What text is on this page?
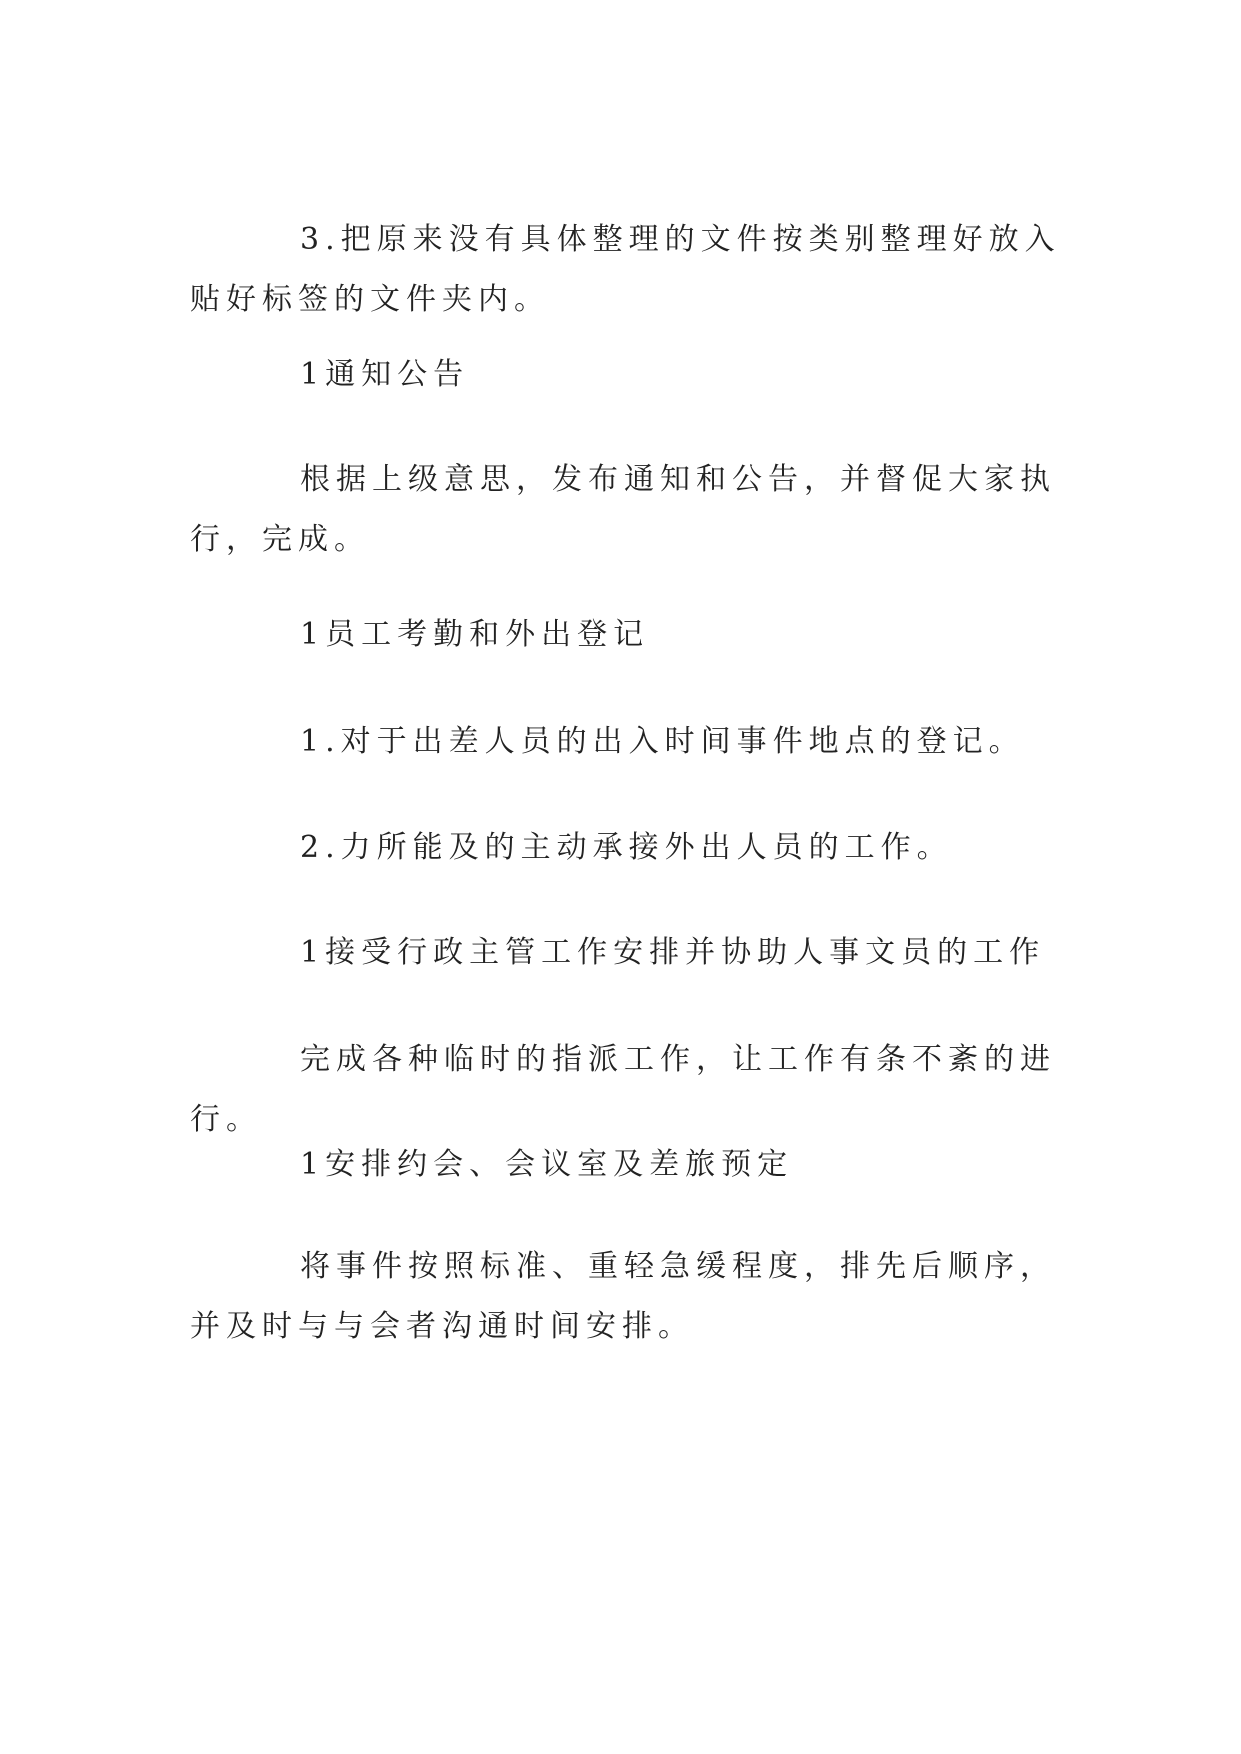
3.把原来没有具体整理的文件按类别整理好放入贴好标签的文件夹内。

1通知公告

根据上级意思，发布通知和公告，并督促大家执行，完成。

1员工考勤和外出登记

1.对于出差人员的出入时间事件地点的登记。

2.力所能及的主动承接外出人员的工作。

1接受行政主管工作安排并协助人事文员的工作

完成各种临时的指派工作，让工作有条不紊的进行。

1安排约会、会议室及差旅预定

将事件按照标准、重轻急缓程度，排先后顺序，并及时与与会者沟通时间安排。
